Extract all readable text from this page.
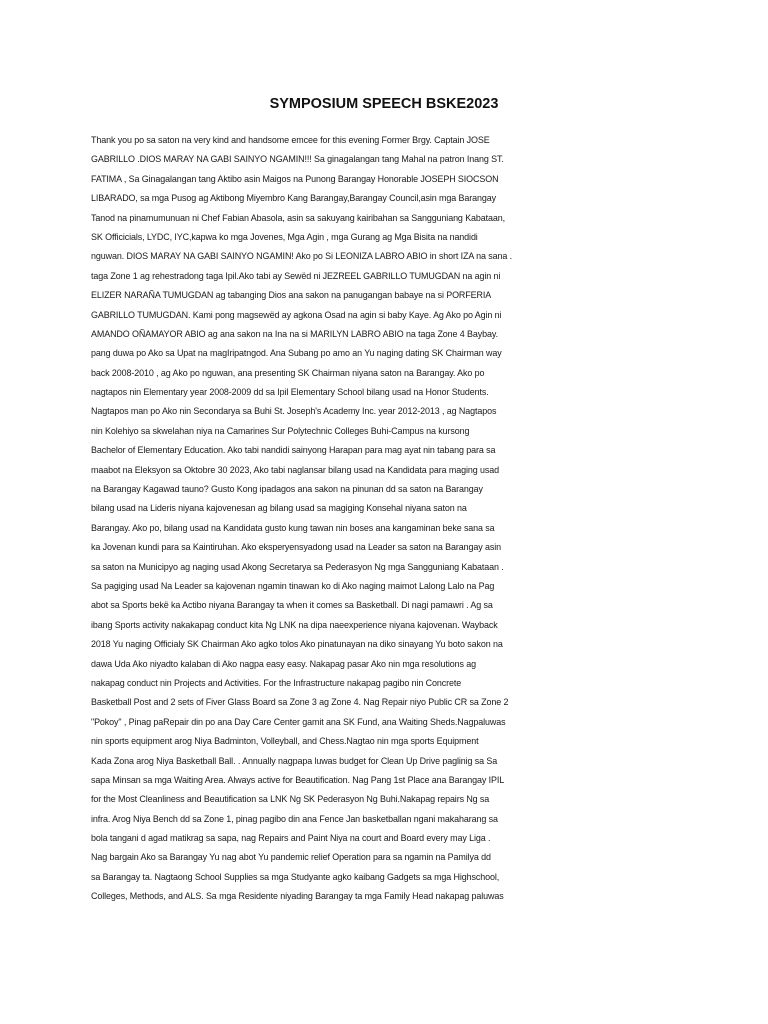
SYMPOSIUM SPEECH BSKE2023
Thank you po sa saton na very kind and handsome emcee for this evening Former Brgy. Captain JOSE
GABRILLO .DIOS MARAY NA GABI SAINYO NGAMIN!!! Sa ginagalangan tang Mahal na patron Inang ST.
FATIMA , Sa Ginagalangan tang Aktibo asin Maigos na Punong Barangay Honorable JOSEPH SIOCSON
LIBARADO, sa mga Pusog ag Aktibong Miyembro Kang Barangay,Barangay Council,asin mga Barangay
Tanod na pinamumunuan ni Chef Fabian Abasola, asin sa sakuyang kairibahan sa Sangguniang Kabataan,
SK Officicials, LYDC, IYC,kapwa ko mga Jovenes, Mga Agin , mga Gurang ag Mga Bisita na nandidi
nguwan. DIOS MARAY NA GABI SAINYO NGAMIN! Ako po Si LEONIZA LABRO ABIO in short IZA na sana .
taga Zone 1 ag rehestradong taga Ipil.Ako tabi ay Sewëd ni JEZREEL GABRILLO TUMUGDAN na agin ni
ELIZER NARAÑA TUMUGDAN ag tabanging Dios ana sakon na panugangan babaye na si PORFERIA
GABRILLO TUMUGDAN. Kami pong magsewëd ay agkona Osad na agin si baby Kaye. Ag Ako po Agin ni
AMANDO OÑAMAYOR ABIO ag ana sakon na Ina na si MARILYN LABRO ABIO na taga Zone 4 Baybay.
pang duwa po Ako sa Upat na magIripatngod. Ana Subang po amo an Yu naging dating SK Chairman way
back 2008-2010 , ag Ako po nguwan, ana presenting SK Chairman niyana saton na Barangay. Ako po
nagtapos nin Elementary year 2008-2009 dd sa Ipil Elementary School bilang usad na Honor Students.
Nagtapos man po Ako nin Secondarya sa Buhi St. Joseph's Academy Inc. year 2012-2013 , ag Nagtapos
nin Kolehiyo sa skwelahan niya na Camarines Sur Polytechnic Colleges Buhi-Campus na kursong
Bachelor of Elementary Education. Ako tabi nandidi sainyong Harapan para mag ayat nin tabang para sa
maabot na Eleksyon sa Oktobre 30 2023, Ako tabi naglansar bilang usad na Kandidata para maging usad
na Barangay Kagawad tauno? Gusto Kong ipadagos ana sakon na pinunan dd sa saton na Barangay
bilang usad na Lideris niyana kajovenesan ag bilang usad sa magiging Konsehal niyana saton na
Barangay. Ako po, bilang usad na Kandidata gusto kung tawan nin boses ana kangaminan beke sana sa
ka Jovenan kundi para sa Kaintiruhan. Ako eksperyensyadong usad na Leader sa saton na Barangay asin
sa saton na Municipyo ag naging usad Akong Secretarya sa Pederasyon Ng mga Sangguniang Kabataan .
Sa pagiging usad Na Leader sa kajovenan ngamin tinawan ko di Ako naging maimot Lalong Lalo na Pag
abot sa Sports bekë ka Actibo niyana Barangay ta when it comes sa Basketball. Di nagi pamawri . Ag sa
ibang Sports activity nakakapag conduct kita Ng LNK na dipa naeexperience niyana kajovenan. Wayback
2018 Yu naging Officialy SK Chairman Ako agko tolos Ako pinatunayan na diko sinayang Yu boto sakon na
dawa Uda Ako niyadto kalaban di Ako nagpa easy easy. Nakapag pasar Ako nin mga resolutions ag
nakapag conduct nin Projects and Activities. For the Infrastructure nakapag pagibo nin Concrete
Basketball Post and 2 sets of Fiver Glass Board sa Zone 3 ag Zone 4. Nag Repair niyo Public CR sa Zone 2
"Pokoy" , Pinag paRepair din po ana Day Care Center gamit ana SK Fund, ana Waiting Sheds.Nagpaluwas
nin sports equipment arog Niya Badminton, Volleyball, and Chess.Nagtao nin mga sports Equipment
Kada Zona arog Niya Basketball Ball. . Annually nagpapa luwas budget for Clean Up Drive paglinig sa Sa
sapa Minsan sa mga Waiting Area. Always active for Beautification. Nag Pang 1st Place ana Barangay IPIL
for the Most Cleanliness and Beautification sa LNK Ng SK Pederasyon Ng Buhi.Nakapag repairs Ng sa
infra. Arog Niya Bench dd sa Zone 1, pinag pagibo din ana Fence Jan basketballan ngani makaharang sa
bola tangani d agad matikrag sa sapa, nag Repairs and Paint Niya na court and Board every may Liga .
Nag bargain Ako sa Barangay Yu nag abot Yu pandemic relief Operation para sa ngamin na Pamilya dd
sa Barangay ta. Nagtaong School Supplies sa mga Studyante agko kaibang Gadgets sa mga Highschool,
Colleges, Methods, and ALS. Sa mga Residente niyading Barangay ta mga Family Head nakapag paluwas
